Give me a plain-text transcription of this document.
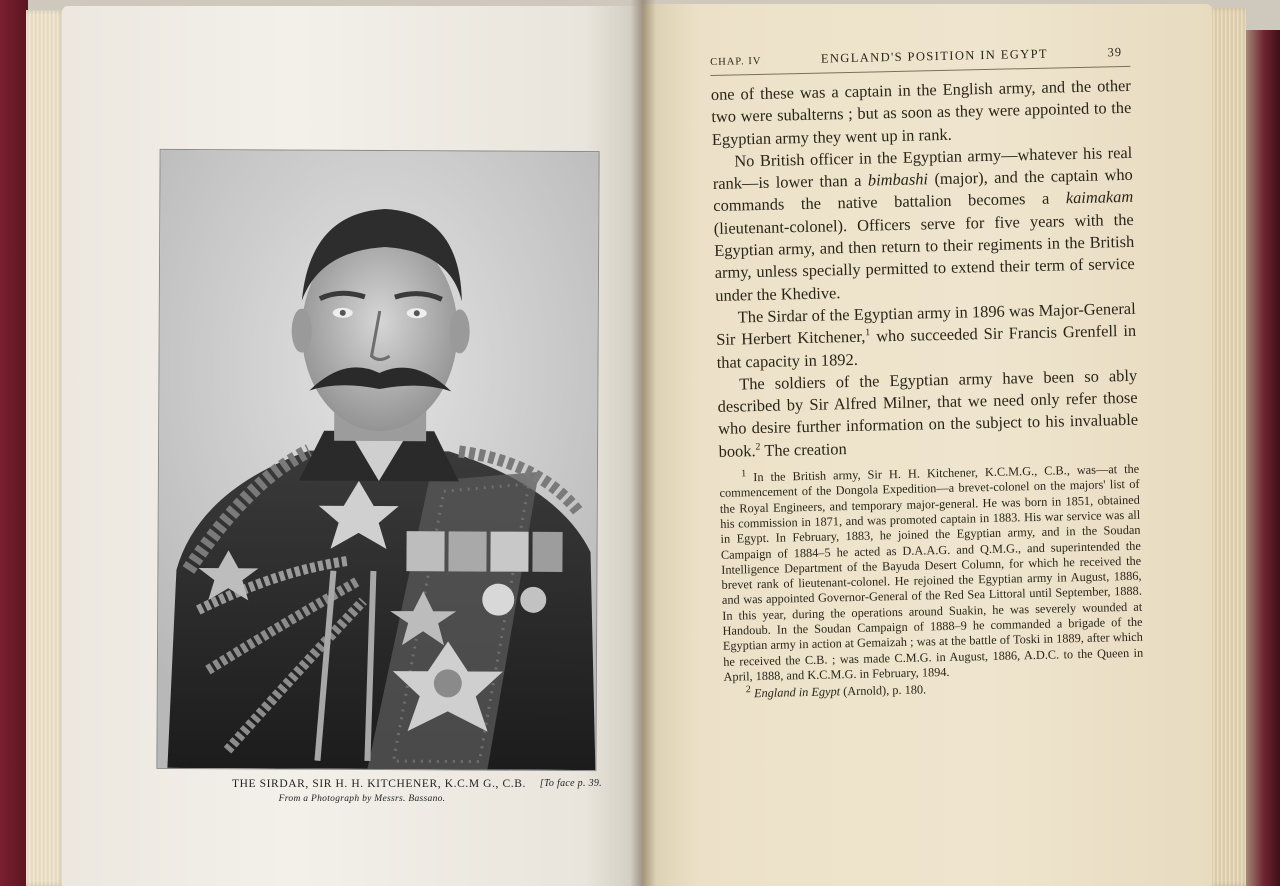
THE SIRDAR, SIR H. H. KITCHENER, K.C.M G., C.B. [To face p. 39.
From a Photograph by Messrs. Bassano.
CHAP. IV	ENGLAND'S POSITION IN EGYPT	39

one of these was a captain in the English army, and the other two were subalterns ; but as soon as they were appointed to the Egyptian army they went up in rank.

No British officer in the Egyptian army—whatever his real rank—is lower than a bimbashi (major), and the captain who commands the native battalion becomes a kaimakam (lieutenant-colonel). Officers serve for five years with the Egyptian army, and then return to their regiments in the British army, unless specially permitted to extend their term of service under the Khedive.

The Sirdar of the Egyptian army in 1896 was Major-General Sir Herbert Kitchener,$^1$ who succeeded Sir Francis Grenfell in that capacity in 1892.

The soldiers of the Egyptian army have been so ably described by Sir Alfred Milner, that we need only refer those who desire further information on the subject to his invaluable book.$^2$ The creation

$^1$ In the British army, Sir H. H. Kitchener, K.C.M.G., C.B., was—at the commencement of the Dongola Expedition—a brevet-colonel on the majors' list of the Royal Engineers, and temporary major-general. He was born in 1851, obtained his commission in 1871, and was promoted captain in 1883. His war service was all in Egypt. In February, 1883, he joined the Egyptian army, and in the Soudan Campaign of 1884–5 he acted as D.A.A.G. and Q.M.G., and superintended the Intelligence Department of the Bayuda Desert Column, for which he received the brevet rank of lieutenant-colonel. He rejoined the Egyptian army in August, 1886, and was appointed Governor-General of the Red Sea Littoral until September, 1888. In this year, during the operations around Suakin, he was severely wounded at Handoub. In the Soudan Campaign of 1888–9 he commanded a brigade of the Egyptian army in action at Gemaizah ; was at the battle of Toski in 1889, after which he received the C.B. ; was made C.M.G. in August, 1886, A.D.C. to the Queen in April, 1888, and K.C.M.G. in February, 1894.

$^2$ England in Egypt (Arnold), p. 180.
